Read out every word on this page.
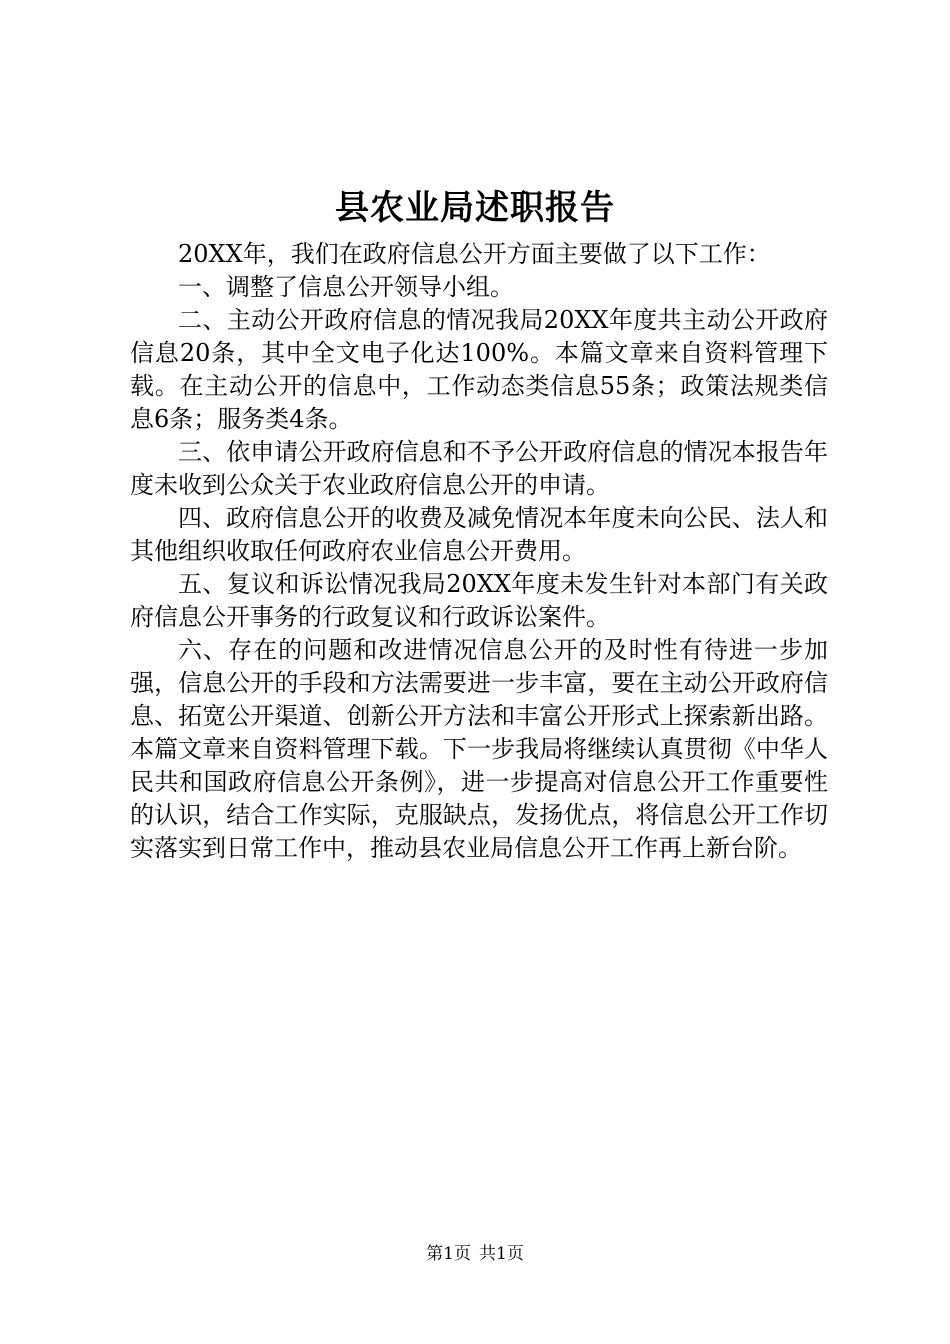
县农业局述职报告

20XX年，我们在政府信息公开方面主要做了以下工作：

一、调整了信息公开领导小组。

二、主动公开政府信息的情况我局20XX年度共主动公开政府信息20条，其中全文电子化达100%。本篇文章来自资料管理下载。在主动公开的信息中，工作动态类信息55条；政策法规类信息6条；服务类4条。

三、依申请公开政府信息和不予公开政府信息的情况本报告年度未收到公众关于农业政府信息公开的申请。

四、政府信息公开的收费及减免情况本年度未向公民、法人和其他组织收取任何政府农业信息公开费用。

五、复议和诉讼情况我局20XX年度未发生针对本部门有关政府信息公开事务的行政复议和行政诉讼案件。

六、存在的问题和改进情况信息公开的及时性有待进一步加强，信息公开的手段和方法需要进一步丰富，要在主动公开政府信息、拓宽公开渠道、创新公开方法和丰富公开形式上探索新出路。本篇文章来自资料管理下载。下一步我局将继续认真贯彻《中华人民共和国政府信息公开条例》，进一步提高对信息公开工作重要性的认识，结合工作实际，克服缺点，发扬优点，将信息公开工作切实落实到日常工作中，推动县农业局信息公开工作再上新台阶。

第1页 共1页
